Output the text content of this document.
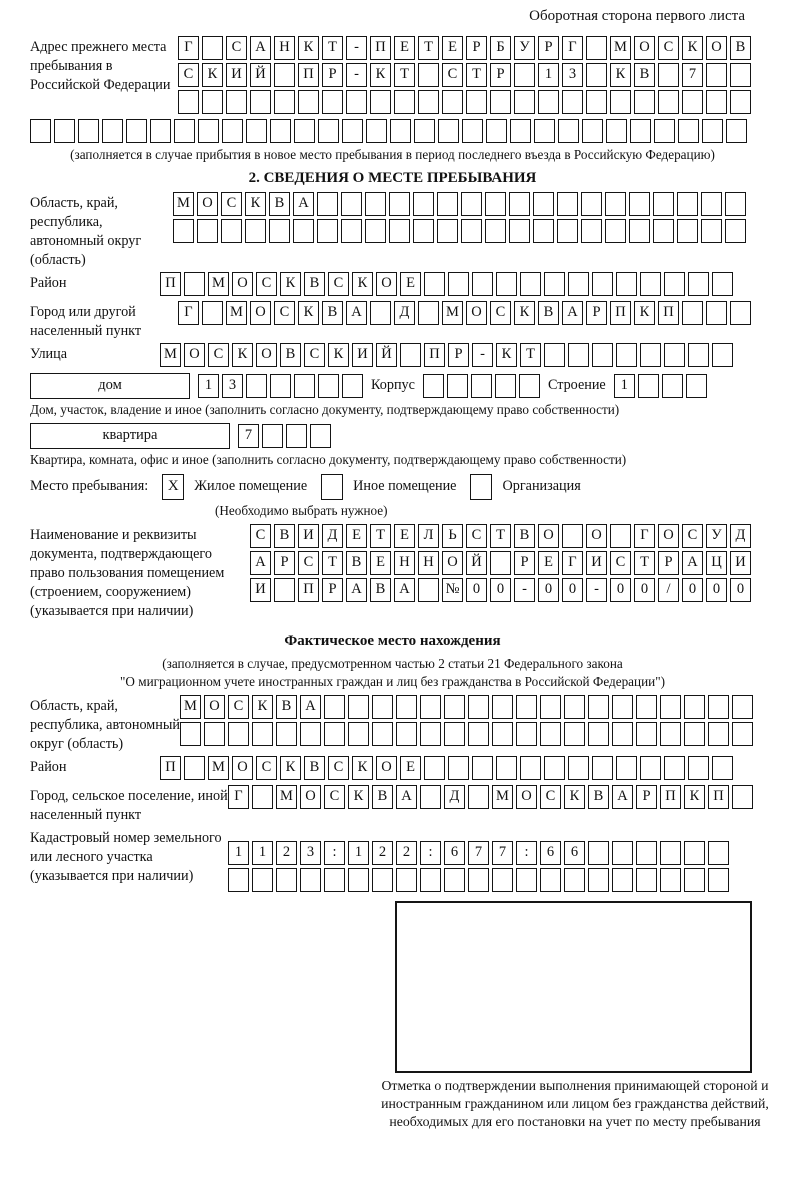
Оборотная сторона первого листа
Адрес прежнего места пребывания в Российской Федерации
Г	С А Н К	Т	-	П Е	Т	Е	Р	Б	У	Р	Г	М О С К О В
С К И Й	П	Р	-	К	Т	С	Т	Р	1	3	К В	7
(заполняется в случае прибытия в новое место пребывания в период последнего въезда в Российскую Федерацию)
2. СВЕДЕНИЯ О МЕСТЕ ПРЕБЫВАНИЯ
Область, край, республика, автономный округ (область)
М О С К В А
Район	П	М О С К В С К О Е
Город или другой населенный пункт
Г	М О С К В А	Д	М О С К В А	Р	П К П
Улица	М О С К О В С К И Й	П	Р	-	К	Т
дом	1	3	Корпус	Строение	1
Дом, участок, владение и иное (заполнить согласно документу, подтверждающему право собственности)
квартира	7
Квартира, комната, офис и иное (заполнить согласно документу, подтверждающему право собственности)
Место пребывания:	X	Жилое помещение	Иное помещение	Организация
(Необходимо выбрать нужное)
Наименование и реквизиты документа, подтверждающего право пользования помещением (строением, сооружением) (указывается при наличии)
С В И Д	Е	Т	Е	Л	Ь	С	Т	В О	О	Г	О С У Д
А	Р	С	Т	В	Е Н Н О Й	Р	Е	Г	И С	Т	Р	А Ц И
И	П	Р	А В А	№ 0	0	-	0	0	-	0	0	/	0	0	0
Фактическое место нахождения
(заполняется в случае, предусмотренном частью 2 статьи 21 Федерального закона
"О миграционном учете иностранных граждан и лиц без гражданства в Российской Федерации")
Область, край, республика, автономный округ (область)
М О С К В А
Район	П	М О С К В С К О Е
Город, сельское поселение, иной населенный пункт
Г	М О С К В А	Д	М О С К В А	Р	П К П
Кадастровый номер земельного или лесного участка (указывается при наличии)
1	1	2	3	:	1	2	2	:	6	7	7	:	6	6
Отметка о подтверждении выполнения принимающей стороной и иностранным гражданином или лицом без гражданства действий, необходимых для его постановки на учет по месту пребывания
